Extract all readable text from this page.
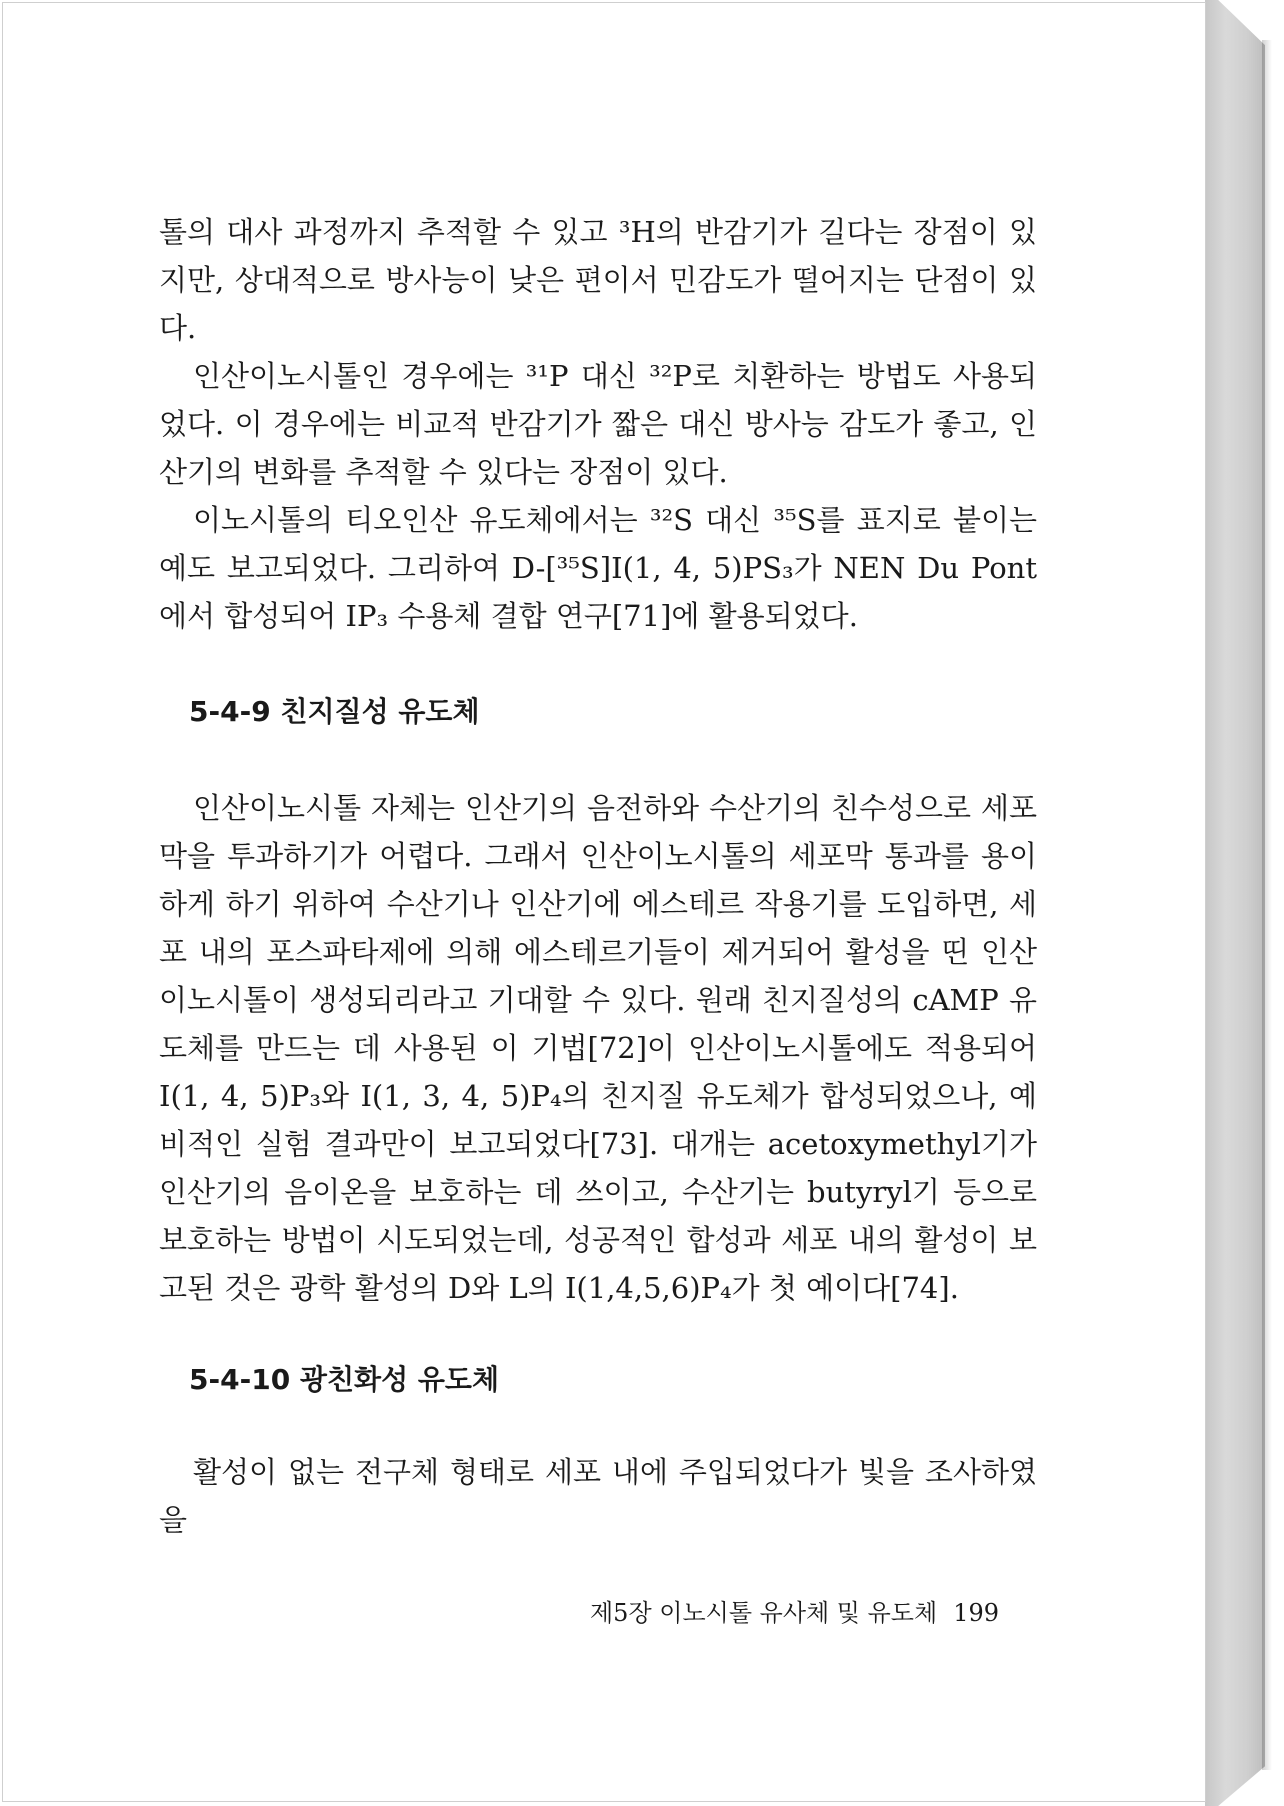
톨의 대사 과정까지 추적할 수 있고 ³H의 반감기가 길다는 장점이 있지만, 상대적으로 방사능이 낮은 편이서 민감도가 떨어지는 단점이 있다.

인산이노시톨인 경우에는 ³¹P 대신 ³²P로 치환하는 방법도 사용되었다. 이 경우에는 비교적 반감기가 짧은 대신 방사능 감도가 좋고, 인산기의 변화를 추적할 수 있다는 장점이 있다.

이노시톨의 티오인산 유도체에서는 ³²S 대신 ³⁵S를 표지로 붙이는 예도 보고되었다. 그리하여 D-[³⁵S]I(1, 4, 5)PS₃가 NEN Du Pont에서 합성되어 IP₃ 수용체 결합 연구[71]에 활용되었다.

5-4-9 친지질성 유도체

인산이노시톨 자체는 인산기의 음전하와 수산기의 친수성으로 세포막을 투과하기가 어렵다. 그래서 인산이노시톨의 세포막 통과를 용이하게 하기 위하여 수산기나 인산기에 에스테르 작용기를 도입하면, 세포 내의 포스파타제에 의해 에스테르기들이 제거되어 활성을 띤 인산이노시톨이 생성되리라고 기대할 수 있다. 원래 친지질성의 cAMP 유도체를 만드는 데 사용된 이 기법[72]이 인산이노시톨에도 적용되어 I(1, 4, 5)P₃와 I(1, 3, 4, 5)P₄의 친지질 유도체가 합성되었으나, 예비적인 실험 결과만이 보고되었다[73]. 대개는 acetoxymethyl기가 인산기의 음이온을 보호하는 데 쓰이고, 수산기는 butyryl기 등으로 보호하는 방법이 시도되었는데, 성공적인 합성과 세포 내의 활성이 보고된 것은 광학 활성의 D와 L의 I(1,4,5,6)P₄가 첫 예이다[74].

5-4-10 광친화성 유도체

활성이 없는 전구체 형태로 세포 내에 주입되었다가 빛을 조사하였을

제5장 이노시톨 유사체 및 유도체 199
